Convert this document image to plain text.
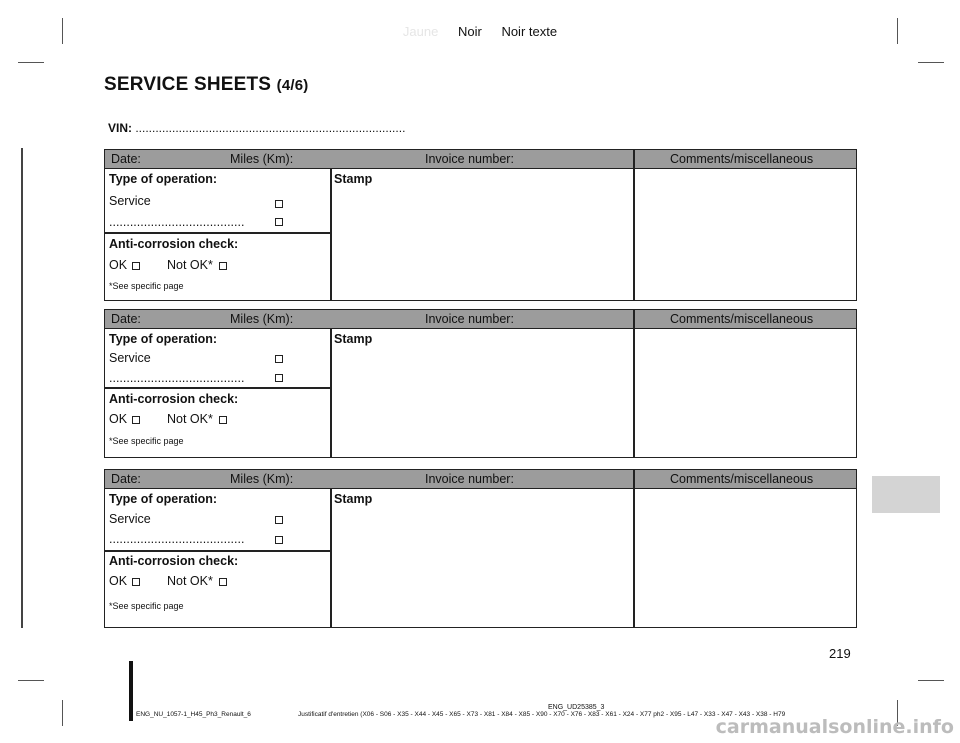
Jaune Noir Noir texte
SERVICE SHEETS (4/6)
VIN: .................................................................................
Date:	Miles (Km):	Invoice number:	Comments/miscellaneous
Type of operation:	Stamp
Service
.......................................
Anti-corrosion check:
OK	Not OK*
*See specific page
Date:	Miles (Km):	Invoice number:	Comments/miscellaneous
Type of operation:	Stamp
Service
.......................................
Anti-corrosion check:
OK	Not OK*
*See specific page
Date:	Miles (Km):	Invoice number:	Comments/miscellaneous
Type of operation:	Stamp
Service
.......................................
Anti-corrosion check:
OK	Not OK*
*See specific page
219
ENG_NU_1057-1_H45_Ph3_Renault_6
ENG_UD25385_3
Justificatif d'entretien (X06 - S06 - X35 - X44 - X45 - X65 - X73 - X81 - X84 - X85 - X90 - X70 - X76 - X83 - X61 - X24 - X77 ph2 - X95 - L47 - X33 - X47 - X43 - X38 - H79
carmanualsonline.info
